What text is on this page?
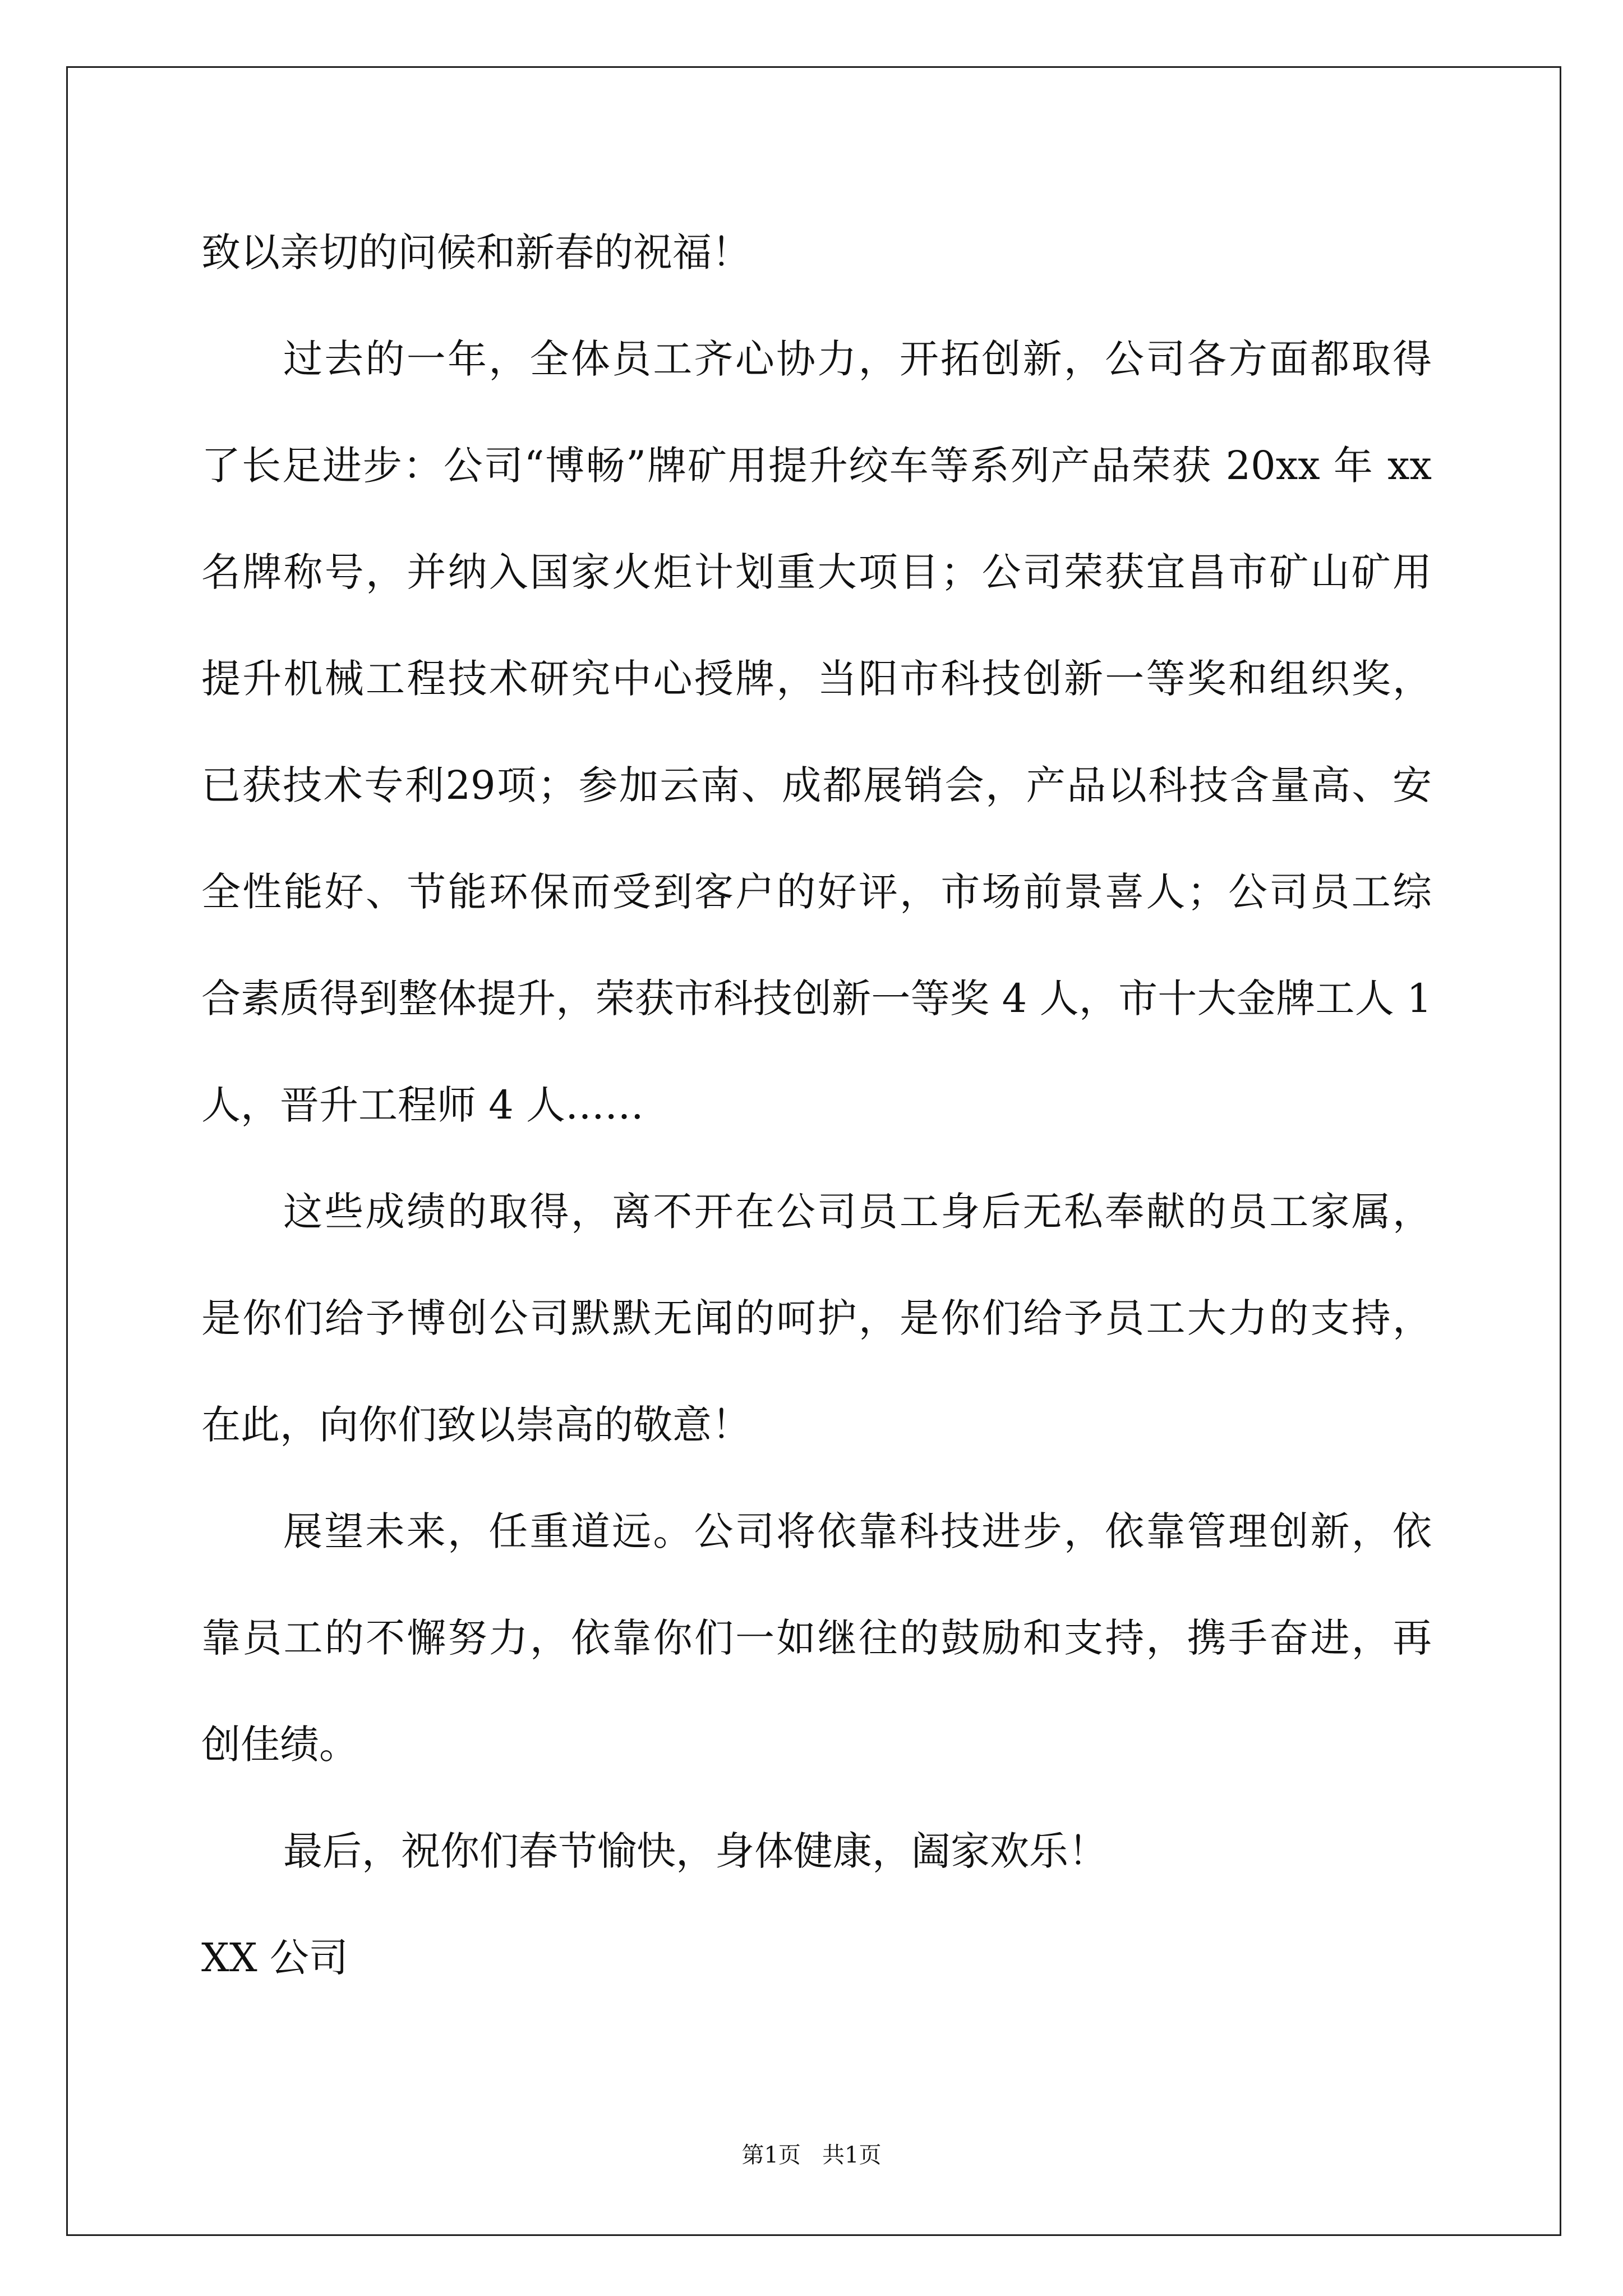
致以亲切的问候和新春的祝福！
过去的一年，全体员工齐心协力，开拓创新，公司各方面都取得
了长足进步：公司“博畅”牌矿用提升绞车等系列产品荣获 20xx 年 xx
名牌称号，并纳入国家火炬计划重大项目；公司荣获宜昌市矿山矿用
提升机械工程技术研究中心授牌，当阳市科技创新一等奖和组织奖，
已获技术专利29项；参加云南、成都展销会，产品以科技含量高、安
全性能好、节能环保而受到客户的好评，市场前景喜人；公司员工综
合素质得到整体提升，荣获市科技创新一等奖 4 人，市十大金牌工人 1
人，晋升工程师 4 人……
这些成绩的取得，离不开在公司员工身后无私奉献的员工家属，
是你们给予博创公司默默无闻的呵护，是你们给予员工大力的支持，
在此，向你们致以崇高的敬意！
展望未来，任重道远。公司将依靠科技进步，依靠管理创新，依
靠员工的不懈努力，依靠你们一如继往的鼓励和支持，携手奋进，再
创佳绩。
最后，祝你们春节愉快，身体健康，阖家欢乐！
XX 公司
第1页   共1页
